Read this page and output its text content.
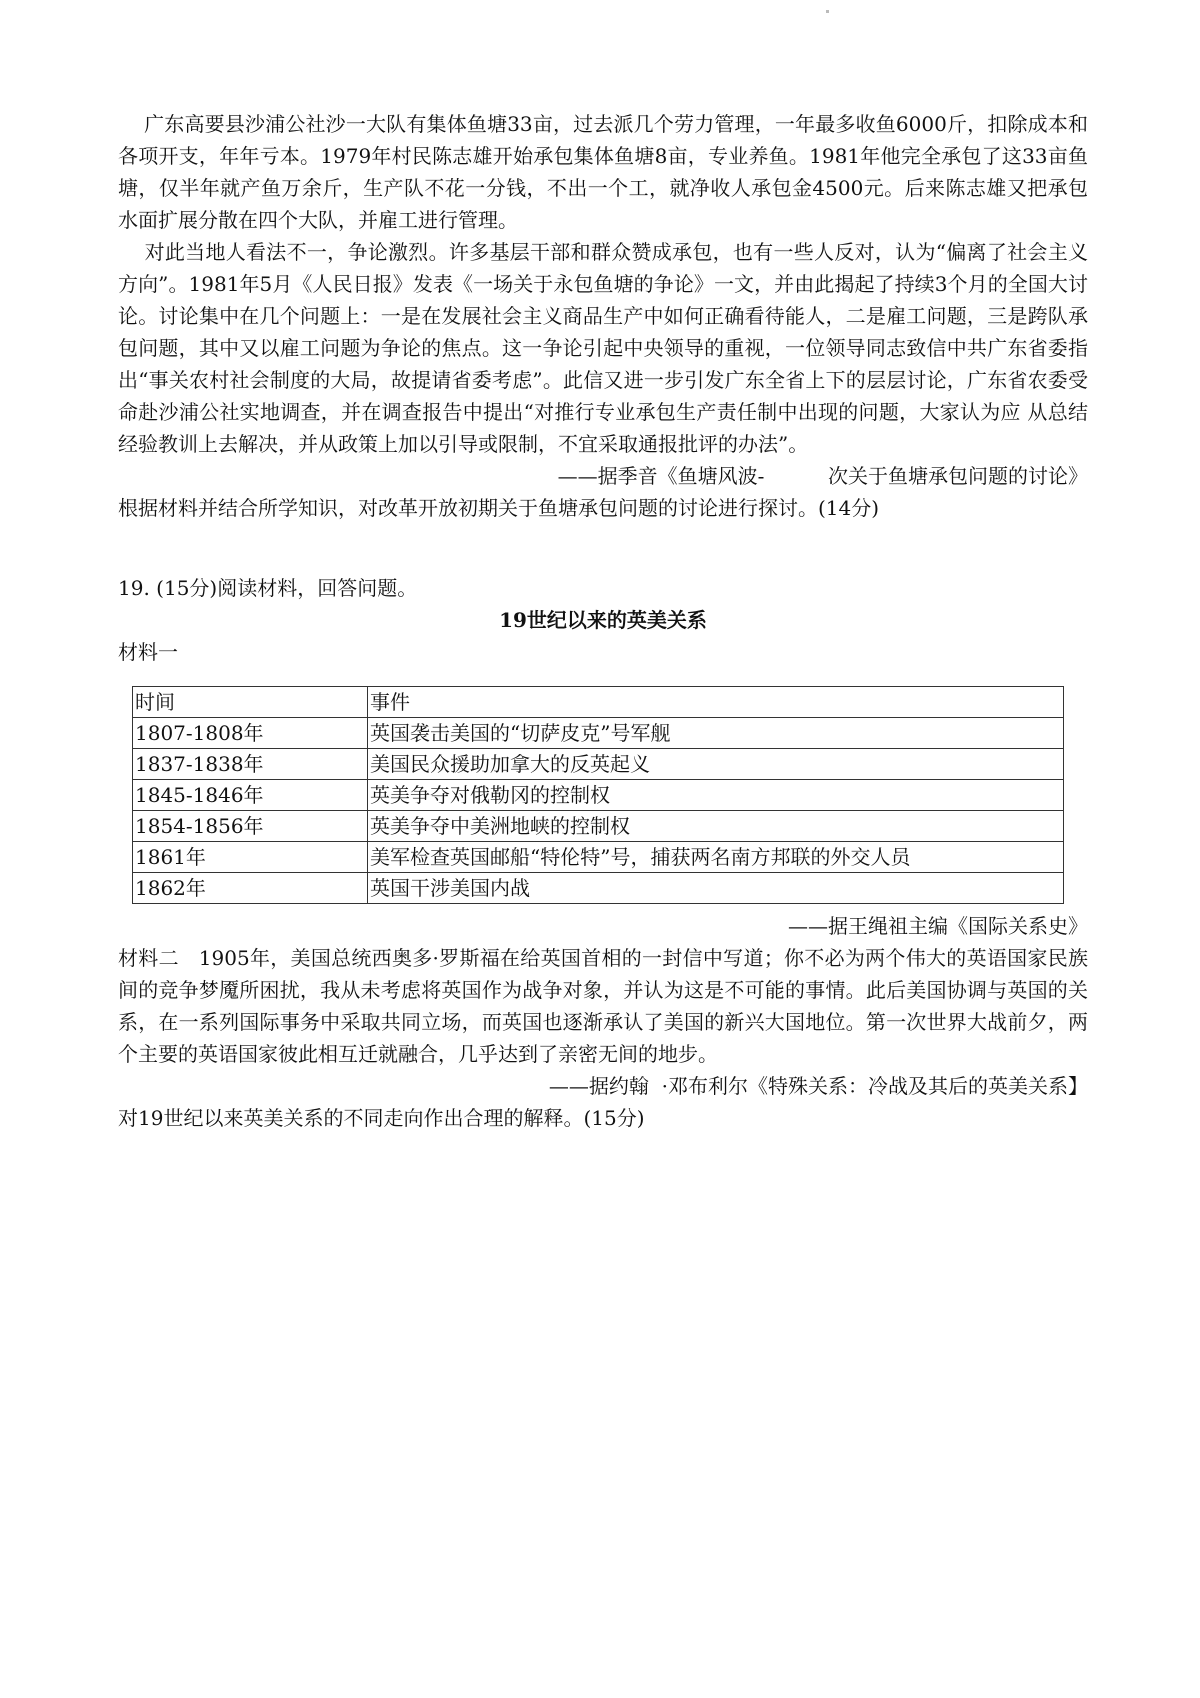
广东高要县沙浦公社沙一大队有集体鱼塘33亩，过去派几个劳力管理，一年最多收鱼6000斤，扣除成本和各项开支，年年亏本。1979年村民陈志雄开始承包集体鱼塘8亩，专业养鱼。1981年他完全承包了这33亩鱼塘，仅半年就产鱼万余斤，生产队不花一分钱，不出一个工，就净收人承包金4500元。后来陈志雄又把承包水面扩展分散在四个大队，并雇工进行管理。

对此当地人看法不一，争论激烈。许多基层干部和群众赞成承包，也有一些人反对，认为“偏离了社会主义方向”。1981年5月《人民日报》发表《一场关于永包鱼塘的争论》一文，并由此揭起了持续3个月的全国大讨论。讨论集中在几个问题上：一是在发展社会主义商品生产中如何正确看待能人，二是雇工问题，三是跨队承包问题，其中又以雇工问题为争论的焦点。这一争论引起中央领导的重视，一位领导同志致信中共广东省委指出“事关农村社会制度的大局，故提请省委考虑”。此信又进一步引发广东全省上下的层层讨论，广东省农委受命赴沙浦公社实地调查，并在调查报告中提出“对推行专业承包生产责任制中出现的问题，大家认为应 从总结经验教训上去解决，并从政策上加以引导或限制，不宜采取通报批评的办法”。

——据季音《鱼塘风波-          次关于鱼塘承包问题的讨论》

根据材料并结合所学知识，对改革开放初期关于鱼塘承包问题的讨论进行探讨。(14分)

19. (15分)阅读材料，回答问题。

19世纪以来的英美关系

材料一

时间	事件
1807-1808年	英国袭击美国的“切萨皮克”号军舰
1837-1838年	美国民众援助加拿大的反英起义
1845-1846年	英美争夺对俄勒冈的控制权
1854-1856年	英美争夺中美洲地峡的控制权
1861年	美军检查英国邮船“特伦特”号，捕获两名南方邦联的外交人员
1862年	英国干涉美国内战

——据王绳祖主编《国际关系史》

材料二   1905年，美国总统西奥多·罗斯福在给英国首相的一封信中写道；你不必为两个伟大的英语国家民族间的竞争梦魇所困扰，我从未考虑将英国作为战争对象，并认为这是不可能的事情。此后美国协调与英国的关系，在一系列国际事务中采取共同立场，而英国也逐渐承认了美国的新兴大国地位。第一次世界大战前夕，两个主要的英语国家彼此相互迁就融合，几乎达到了亲密无间的地步。

——据约翰  ·邓布利尔《特殊关系：冷战及其后的英美关系】

对19世纪以来英美关系的不同走向作出合理的解释。(15分)
